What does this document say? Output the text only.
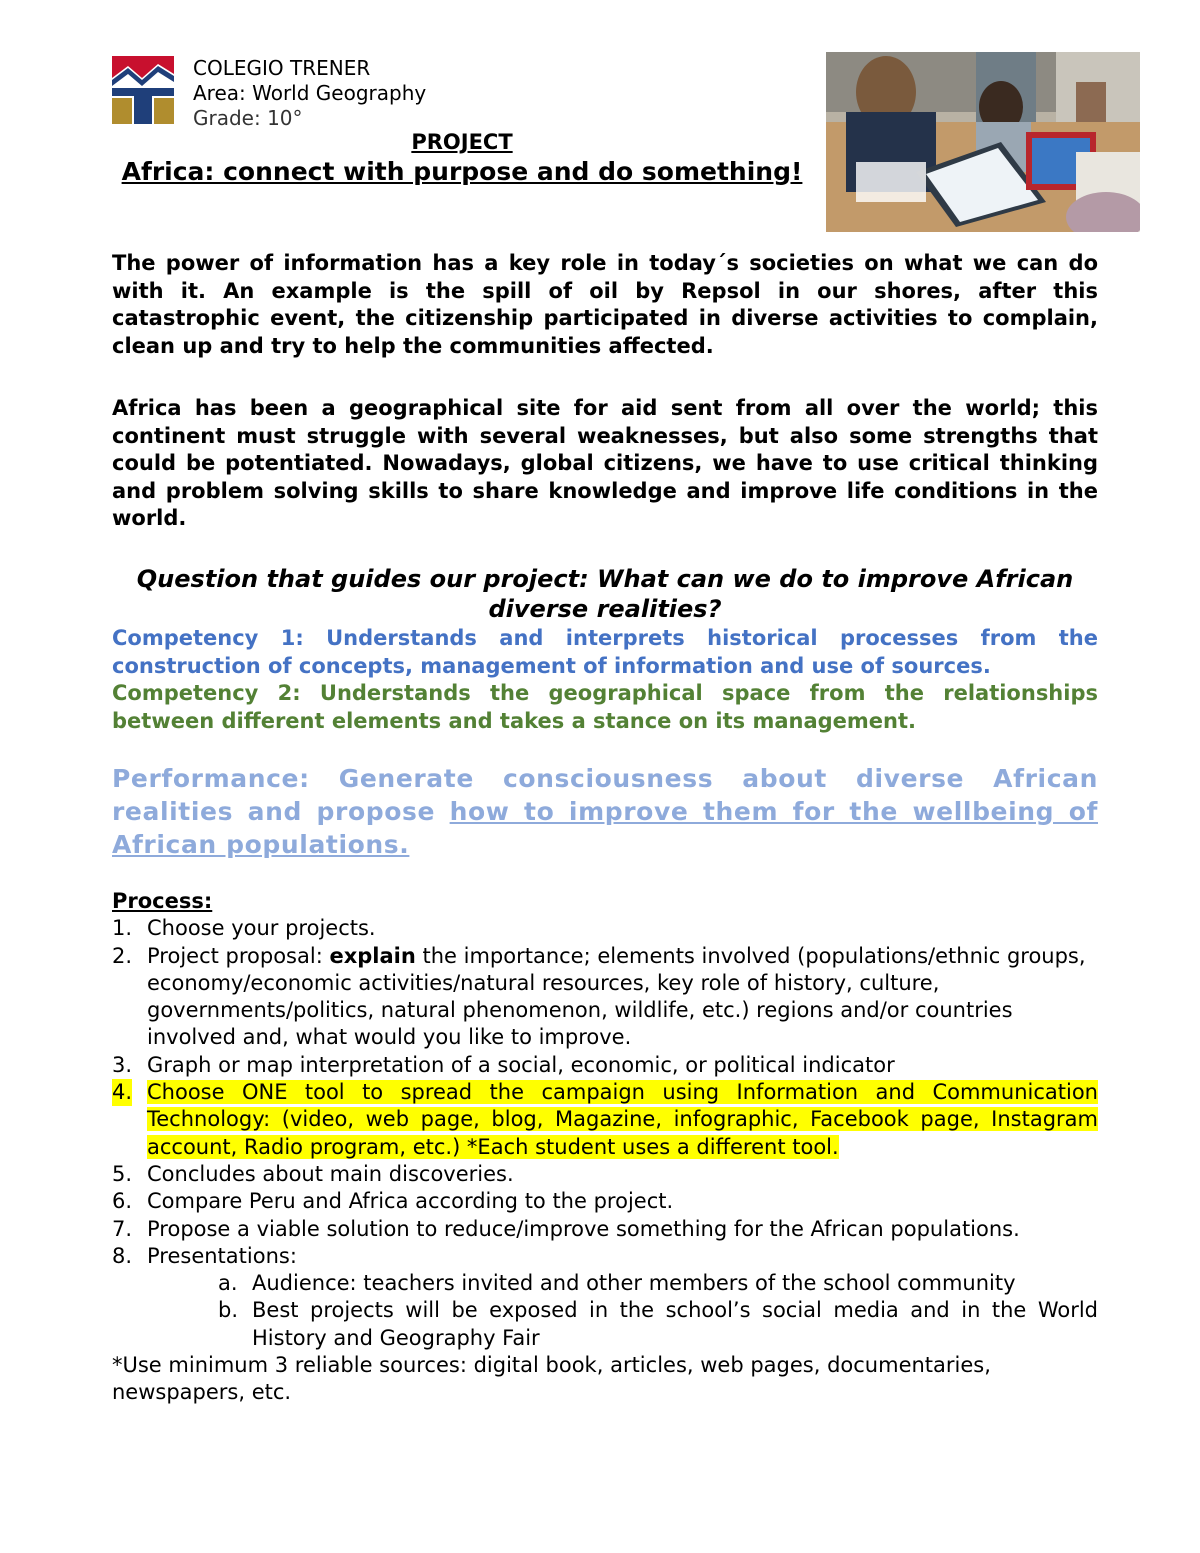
COLEGIO TRENER
Area: World Geography
Grade: 10°
PROJECT
Africa: connect with purpose and do something!

The power of information has a key role in today´s societies on what we can do with it. An example is the spill of oil by Repsol in our shores, after this catastrophic event, the citizenship participated in diverse activities to complain, clean up and try to help the communities affected.

Africa has been a geographical site for aid sent from all over the world; this continent must struggle with several weaknesses, but also some strengths that could be potentiated. Nowadays, global citizens, we have to use critical thinking and problem solving skills to share knowledge and improve life conditions in the world.

Question that guides our project: What can we do to improve African diverse realities?
Competency 1: Understands and interprets historical processes from the construction of concepts, management of information and use of sources.
Competency 2: Understands the geographical space from the relationships between different elements and takes a stance on its management.
Performance: Generate consciousness about diverse African realities and propose how to improve them for the wellbeing of African populations.
Process:
1. Choose your projects.
2. Project proposal: explain the importance; elements involved (populations/ethnic groups, economy/economic activities/natural resources, key role of history, culture, governments/politics, natural phenomenon, wildlife, etc.) regions and/or countries involved and, what would you like to improve.
3. Graph or map interpretation of a social, economic, or political indicator
4. Choose ONE tool to spread the campaign using Information and Communication Technology: (video, web page, blog, Magazine, infographic, Facebook page, Instagram account, Radio program, etc.) *Each student uses a different tool.
5. Concludes about main discoveries.
6. Compare Peru and Africa according to the project.
7. Propose a viable solution to reduce/improve something for the African populations.
8. Presentations:
a. Audience: teachers invited and other members of the school community
b. Best projects will be exposed in the school’s social media and in the World History and Geography Fair
*Use minimum 3 reliable sources: digital book, articles, web pages, documentaries, newspapers, etc.
